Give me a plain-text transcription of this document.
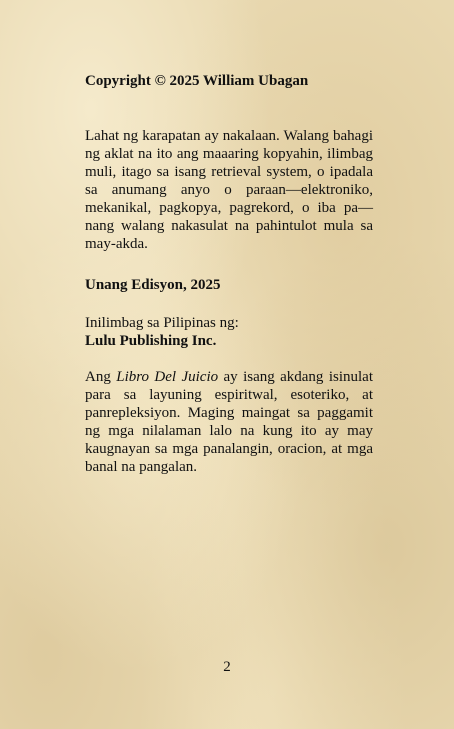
Copyright © 2025 William Ubagan

Lahat ng karapatan ay nakalaan. Walang bahagi ng aklat na ito ang maaaring kopyahin, ilimbag muli, itago sa isang retrieval system, o ipadala sa anumang anyo o paraan—elektroniko, mekanikal, pagkopya, pagrekord, o iba pa—nang walang nakasulat na pahintulot mula sa may-akda.

Unang Edisyon, 2025

Inilimbag sa Pilipinas ng:

Lulu Publishing Inc.

Ang Libro Del Juicio ay isang akdang isinulat para sa layuning espiritwal, esoteriko, at panrepleksiyon. Maging maingat sa paggamit ng mga nilalaman lalo na kung ito ay may kaugnayan sa mga panalangin, oracion, at mga banal na pangalan.

2
